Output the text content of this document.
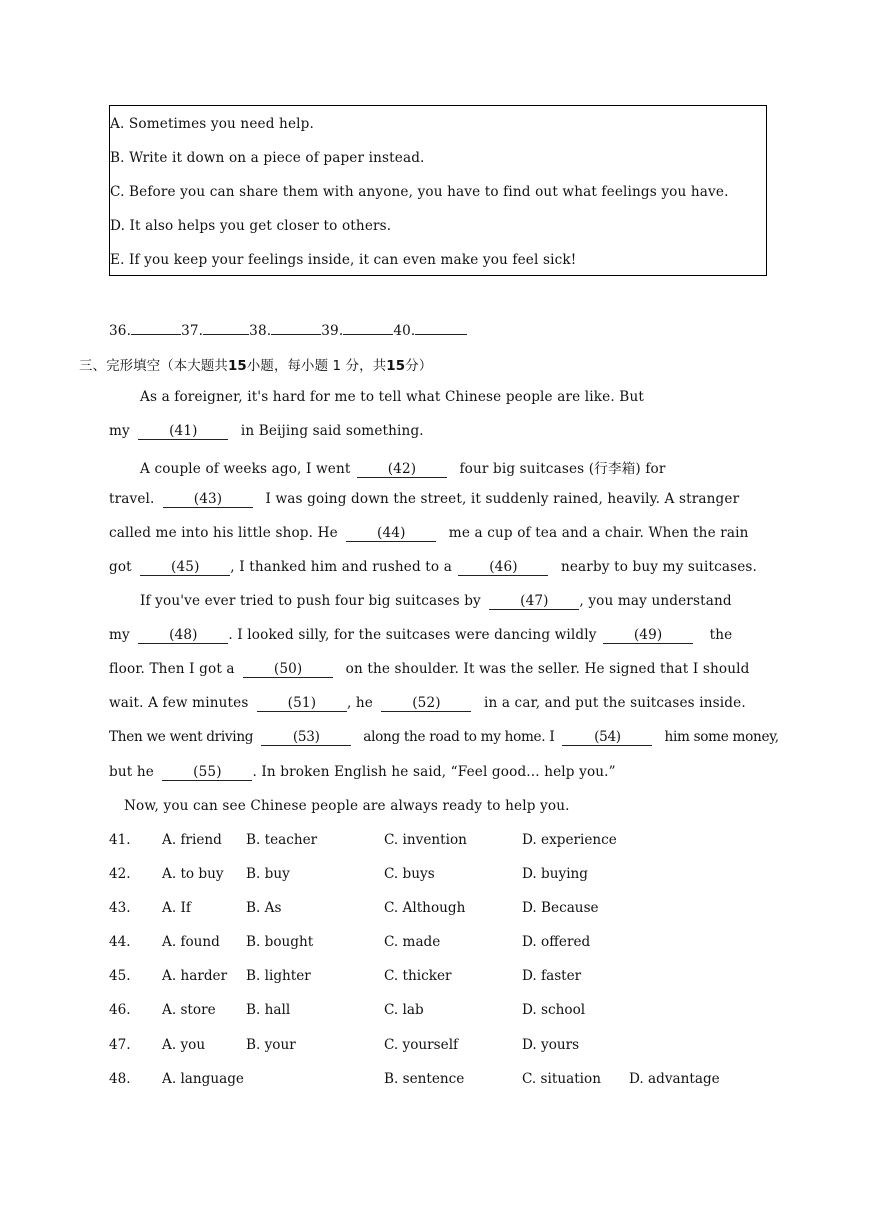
A. Sometimes you need help.
B. Write it down on a piece of paper instead.
C. Before you can share them with anyone, you have to find out what feelings you have.
D. It also helps you get closer to others.
E. If you keep your feelings inside, it can even make you feel sick!
36.	37.	38.	39.	40.
三、完形填空（本大题共15小题，每小题 1 分，共15分）
As a foreigner, it's hard for me to tell what Chinese people are like. But
my	(41)	in Beijing said something.
A couple of weeks ago, I went	(42)	four big suitcases (行李箱) for
travel.	(43)	I was going down the street, it suddenly rained, heavily. A stranger
called me into his little shop. He	(44)	me a cup of tea and a chair. When the rain
got	(45) , I thanked him and rushed to a	(46)	nearby to buy my suitcases.
If you've ever tried to push four big suitcases by	(47) , you may understand
my	(48) . I looked silly, for the suitcases were dancing wildly	(49)	the
floor. Then I got a	(50)	on the shoulder. It was the seller. He signed that I should
wait. A few minutes	(51) , he	(52)	in a car, and put the suitcases inside.
Then we went driving	(53)	along the road to my home. I	(54)	him some money,
but he	(55) . In broken English he said, “Feel good... help you.”
Now, you can see Chinese people are always ready to help you.
41. A. friend B. teacher	C. invention	D. experience
42. A. to buy B. buy	C. buys	D. buying
43. A. If	B. As	C. Although	D. Because
44. A. found B. bought	C. made	D. offered
45. A. harder B. lighter	C. thicker	D. faster
46. A. store B. hall	C. lab	D. school
47. A. you	B. your	C. yourself	D. yours
48. A. language	B. sentence	C. situation D. advantage
